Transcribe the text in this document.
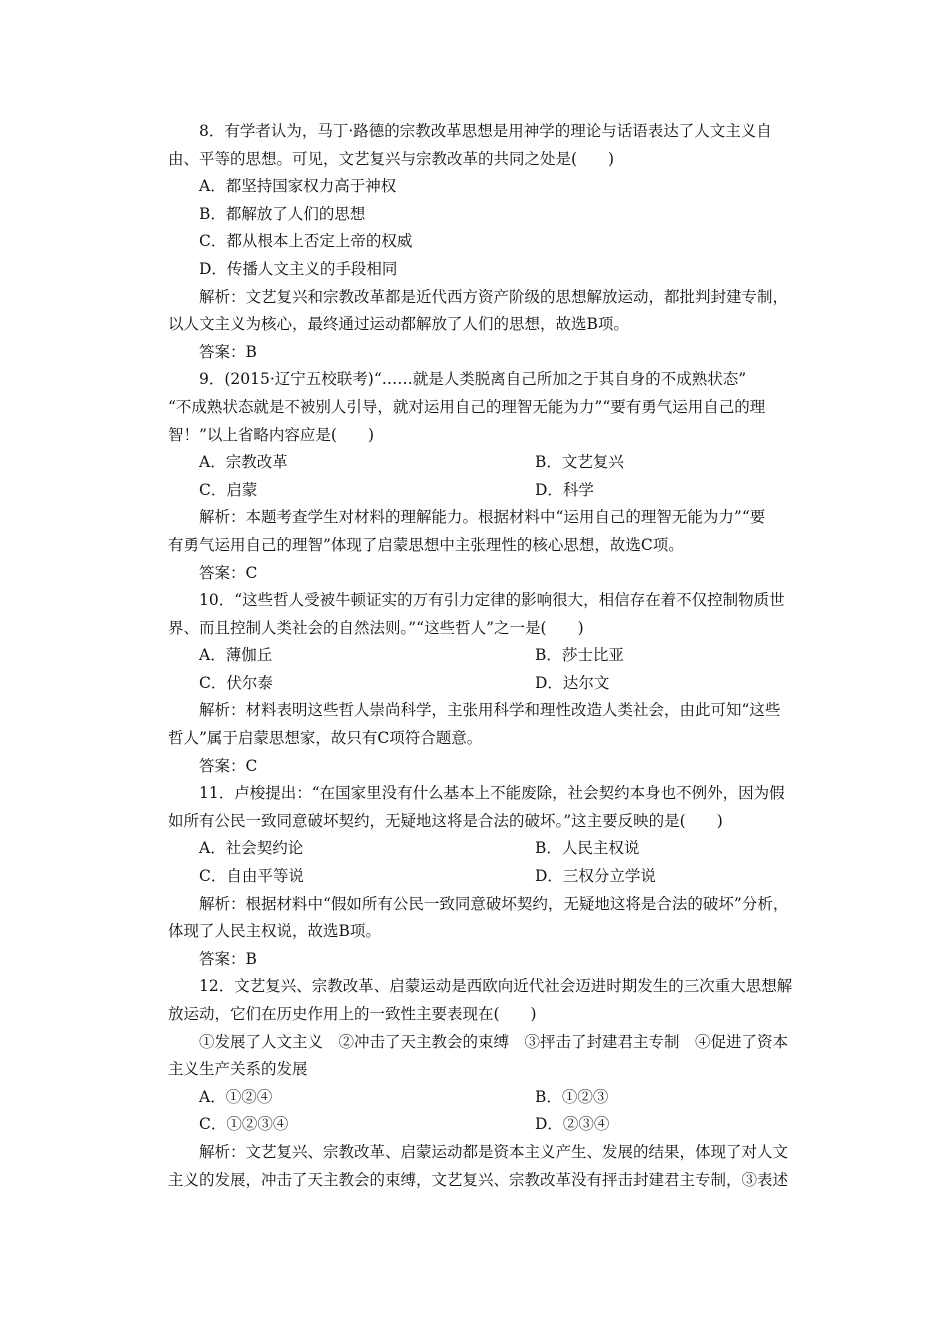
8．有学者认为，马丁·路德的宗教改革思想是用神学的理论与话语表达了人文主义自
由、平等的思想。可见，文艺复兴与宗教改革的共同之处是(　　)
A．都坚持国家权力高于神权
B．都解放了人们的思想
C．都从根本上否定上帝的权威
D．传播人文主义的手段相同
解析：文艺复兴和宗教改革都是近代西方资产阶级的思想解放运动，都批判封建专制，
以人文主义为核心，最终通过运动都解放了人们的思想，故选B项。
答案：B
9．(2015·辽宁五校联考)“……就是人类脱离自己所加之于其自身的不成熟状态”
“不成熟状态就是不被别人引导，就对运用自己的理智无能为力”“要有勇气运用自己的理
智！”以上省略内容应是(　　)
A．宗教改革	B．文艺复兴
C．启蒙	D．科学
解析：本题考查学生对材料的理解能力。根据材料中“运用自己的理智无能为力”“要
有勇气运用自己的理智”体现了启蒙思想中主张理性的核心思想，故选C项。
答案：C
10．“这些哲人受被牛顿证实的万有引力定律的影响很大，相信存在着不仅控制物质世
界、而且控制人类社会的自然法则。”“这些哲人”之一是(　　)
A．薄伽丘	B．莎士比亚
C．伏尔泰	D．达尔文
解析：材料表明这些哲人崇尚科学，主张用科学和理性改造人类社会，由此可知“这些
哲人”属于启蒙思想家，故只有C项符合题意。
答案：C
11．卢梭提出：“在国家里没有什么基本上不能废除，社会契约本身也不例外，因为假
如所有公民一致同意破坏契约，无疑地这将是合法的破坏。”这主要反映的是(　　)
A．社会契约论	B．人民主权说
C．自由平等说	D．三权分立学说
解析：根据材料中“假如所有公民一致同意破坏契约，无疑地这将是合法的破坏”分析，
体现了人民主权说，故选B项。
答案：B
12．文艺复兴、宗教改革、启蒙运动是西欧向近代社会迈进时期发生的三次重大思想解
放运动，它们在历史作用上的一致性主要表现在(　　)
①发展了人文主义　②冲击了天主教会的束缚　③抨击了封建君主专制　④促进了资本
主义生产关系的发展
A．①②④	B．①②③
C．①②③④	D．②③④
解析：文艺复兴、宗教改革、启蒙运动都是资本主义产生、发展的结果，体现了对人文
主义的发展，冲击了天主教会的束缚，文艺复兴、宗教改革没有抨击封建君主专制，③表述
